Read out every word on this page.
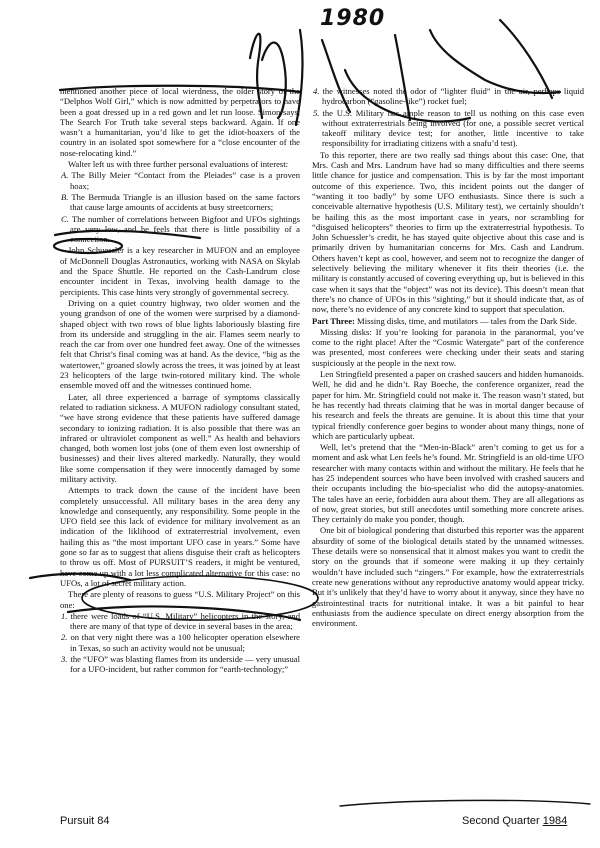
mentioned another piece of local wierdness, the older story of the “Delphos Wolf Girl,” which is now admitted by perpetrators to have been a goat dressed up in a red gown and let run loose. Simon says, The Search For Truth take several steps backward. Again. If one wasn’t a humanitarian, you’d like to get the idiot-hoaxers of the country in an isolated spot somewhere for a “close encounter of the nose-relocating kind.”

Walter left us with three further personal evaluations of interest:

A. The Billy Meier “Contact from the Pleiades” case is a proven hoax;
B. The Bermuda Triangle is an illusion based on the same factors that cause large amounts of accidents at busy streetcorners;
C. The number of correlations between Bigfoot and UFOs sightings are very low, and he feels that there is little possibility of a connection.

John Schuessler is a key researcher in MUFON and an employee of McDonnell Douglas Astronautics, working with NASA on Skylab and the Space Shuttle. He reported on the Cash-Landrum close encounter incident in Texas, involving health damage to the percipients. This case hints very strongly of governmental secrecy.

Driving on a quiet country highway, two older women and the young grandson of one of the women were surprised by a diamond-shaped object with two rows of blue lights laboriously blasting fire from its underside and struggling in the air. Flames seem nearly to reach the car from over one hundred feet away. One of the witnesses felt that Christ’s final coming was at hand. As the device, “big as the watertower,” groaned slowly across the trees, it was joined by at least 23 helicopters of the large twin-rotored military kind. The whole ensemble moved off and the witnesses continued home.

Later, all three experienced a barrage of symptoms classically related to radiation sickness. A MUFON radiology consultant stated, “we have strong evidence that these patients have suffered damage secondary to ionizing radiation. It is also possible that there was an infrared or ultraviolet component as well.” As health and behaviors changed, both women lost jobs (one of them even lost ownership of businesses) and their lives altered markedly. Naturally, they would like some compensation if they were innocently damaged by some military activity.

Attempts to track down the cause of the incident have been completely unsuccessful. All military bases in the area deny any knowledge and consequently, any responsibility. Some people in the UFO field see this lack of evidence for military involvement as an indication of the liklihood of extraterrestrial involvement, even hailing this as “the most important UFO case in years.” Some have gone so far as to suggest that aliens disguise their craft as helicopters to throw us off. Most of PURSUIT’S readers, it might be ventured, have come up with a lot less complicated alternative for this case: no UFOs, a lot of secret military action.

There are plenty of reasons to guess “U.S. Military Project” on this one:

1. there were loads of “U.S. Military” helicopters in the story, and there are many of that type of device in several bases in the area;
2. on that very night there was a 100 helicopter operation elsewhere in Texas, so such an activity would not be unusual;
3. the “UFO” was blasting flames from its underside — very unusual for a UFO-incident, but rather common for “earth-technology;”
4. the witnesses noted the odor of “lighter fluid” in the air, perhaps liquid hydrocarbon (“gasoline-like”) rocket fuel;
5. the U.S. Military has ample reason to tell us nothing on this case even without extraterrestrials being involved (for one, a possible secret vertical takeoff military device test; for another, little incentive to take responsibility for irradiating citizens with a snafu’d test).

To this reporter, there are two really sad things about this case: One, that Mrs. Cash and Mrs. Landrum have had so many difficulties and there seems little chance for justice and compensation. This is by far the most important outcome of this experience. Two, this incident points out the danger of “wanting it too badly” by some UFO enthusiasts. Since there is such a conceivable alternative hypothesis (U.S. Military test), we certainly shouldn’t be hailing this as the most important case in years, nor scrambling for “disguised helicopters” theories to firm up the extraterrestrial hypothesis. To John Schuessler’s credit, he has stayed quite objective about this case and is primarily driven by humanitarian concerns for Mrs. Cash and Landrum. Others haven’t kept as cool, however, and seem not to recognize the danger of selectively believing the military whenever it fits their theories (i.e. the military is constantly accused of covering everything up, but is believed in this case when it says that the “object” was not its device). This doesn’t mean that there’s no chance of UFOs in this “sighting,” but it should indicate that, as of now, there’s no evidence of any concrete kind to support that speculation.

Part Three: Missing disks, time, and mutilators — tales from the Dark Side.

Missing disks: If you’re looking for paranoia in the paranormal, you’ve come to the right place! After the “Cosmic Watergate” part of the conference was presented, most conferees were checking under their seats and staring suspiciously at the people in the next row.

Len Stringfield presented a paper on crashed saucers and hidden humanoids. Well, he did and he didn’t. Ray Boeche, the conference organizer, read the paper for him. Mr. Stringfield could not make it. The reason wasn’t stated, but he has recently had threats claiming that he was in mortal danger because of his research and feels the threats are genuine. It is about this time that your typical friendly conference goer begins to wonder about many things, none of which are particularly upbeat.

Well, let’s pretend that the “Men-in-Black” aren’t coming to get us for a moment and ask what Len feels he’s found. Mr. Stringfield is an old-time UFO researcher with many contacts within and without the military. He feels that he has 25 independent sources who have been involved with crashed saucers and their occupants including the bio-specialist who did the autopsy-anatomies. The tales have an eerie, forbidden aura about them. They are all allegations as of now, great stories, but still anecdotes until something more concrete arises. They certainly do make you ponder, though.

One bit of biological pondering that disturbed this reporter was the apparent absurdity of some of the biological details stated by the unnamed witnesses. These details were so nonsensical that it almost makes you want to credit the story on the grounds that if someone were making it up they certainly wouldn’t have included such “zingers.” For example, how the extraterrestrials create new generations without any reproductive anatomy would appear tricky. But it’s unlikely that they’d have to worry about it anyway, since they have no gastrointestinal tracts for nutritional intake. It was a bit painful to hear enthusiasts from the audience speculate on direct energy absorption from the environment.

Pursuit 84	Second Quarter 1984
1980
